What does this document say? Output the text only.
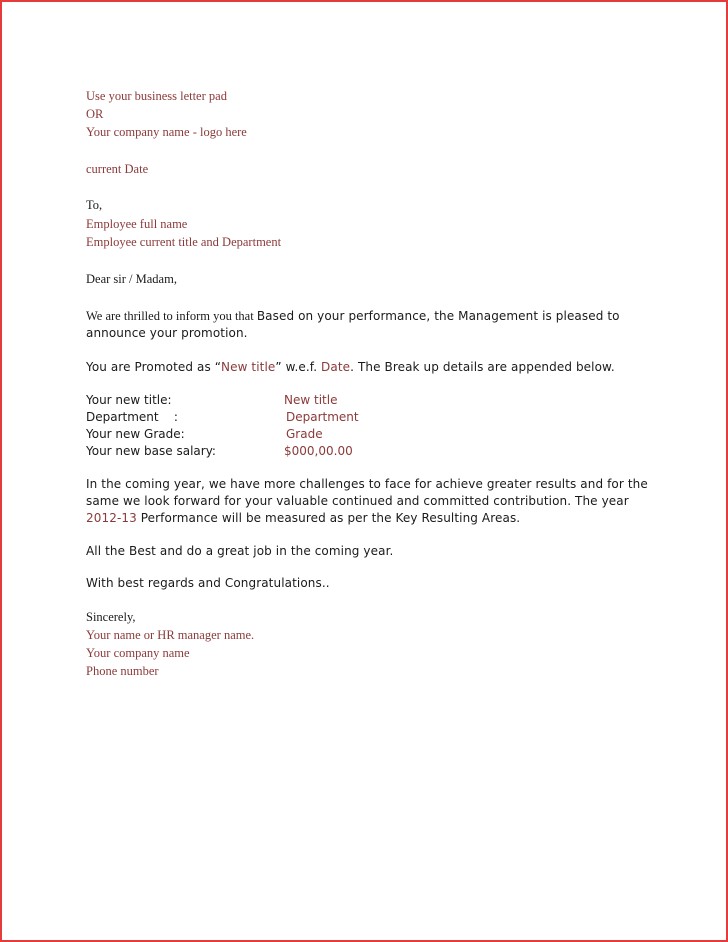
Use your business letter pad
OR
Your company name - logo here
current Date
To,
Employee full name
Employee current title and Department
Dear sir / Madam,
We are thrilled to inform you that Based on your performance, the Management is pleased to
announce your promotion.
You are Promoted as “New title” w.e.f. Date. The Break up details are appended below.
Your new title:	New title
Department    :	Department
Your new Grade:	Grade
Your new base salary:	$000,00.00
In the coming year, we have more challenges to face for achieve greater results and for the
same we look forward for your valuable continued and committed contribution. The year
2012-13 Performance will be measured as per the Key Resulting Areas.
All the Best and do a great job in the coming year.
With best regards and Congratulations..
Sincerely,
Your name or HR manager name.
Your company name
Phone number
